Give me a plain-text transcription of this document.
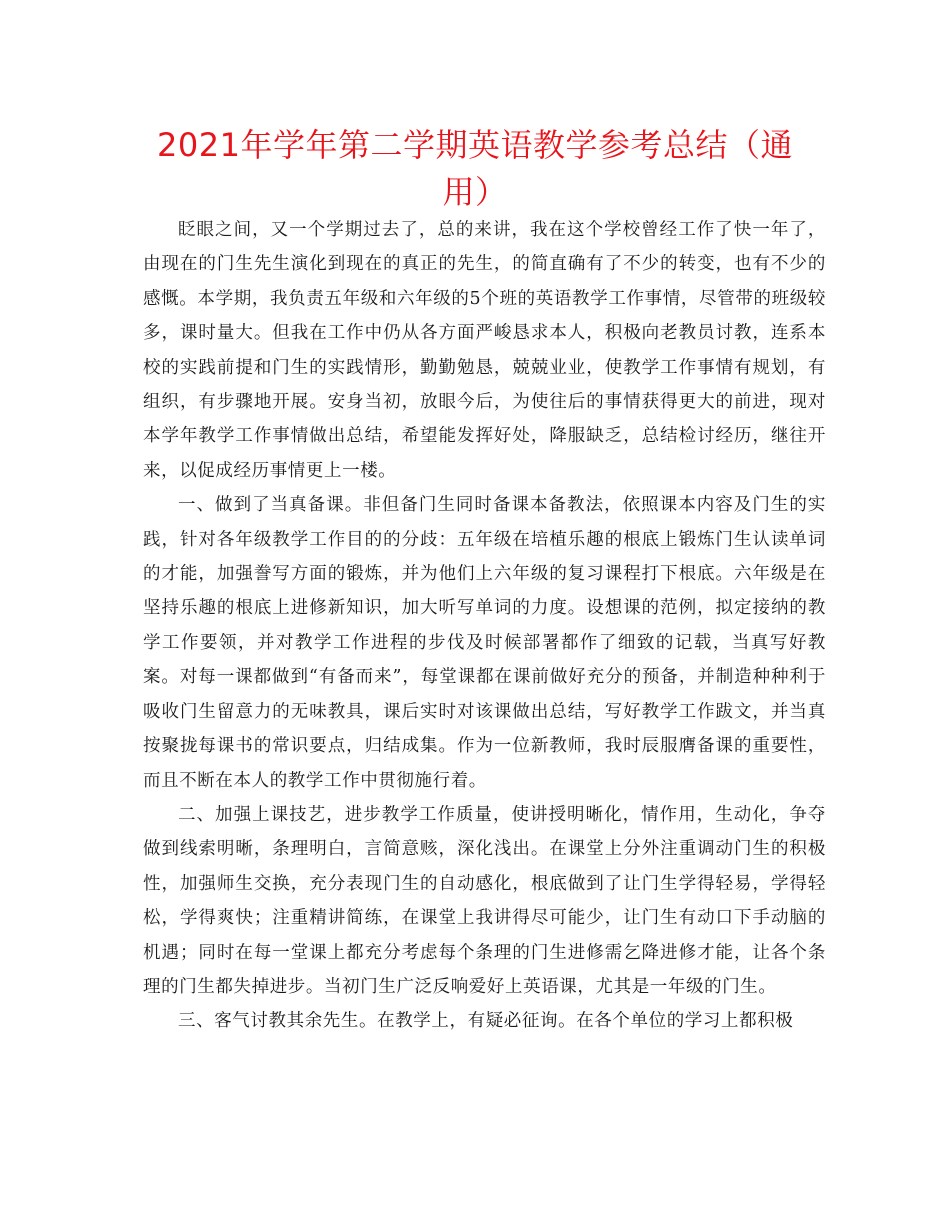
2021年学年第二学期英语教学参考总结（通用）

眨眼之间，又一个学期过去了，总的来讲，我在这个学校曾经工作了快一年了，由现在的门生先生演化到现在的真正的先生，的简直确有了不少的转变，也有不少的感慨。本学期，我负责五年级和六年级的5个班的英语教学工作事情，尽管带的班级较多，课时量大。但我在工作中仍从各方面严峻恳求本人，积极向老教员讨教，连系本校的实践前提和门生的实践情形，勤勤勉恳，兢兢业业，使教学工作事情有规划，有组织，有步骤地开展。安身当初，放眼今后，为使往后的事情获得更大的前进，现对本学年教学工作事情做出总结，希望能发挥好处，降服缺乏，总结检讨经历，继往开来，以促成经历事情更上一楼。

一、做到了当真备课。非但备门生同时备课本备教法，依照课本内容及门生的实践，针对各年级教学工作目的的分歧：五年级在培植乐趣的根底上锻炼门生认读单词的才能，加强誊写方面的锻炼，并为他们上六年级的复习课程打下根底。六年级是在坚持乐趣的根底上进修新知识，加大听写单词的力度。设想课的范例，拟定接纳的教学工作要领，并对教学工作进程的步伐及时候部署都作了细致的记载，当真写好教案。对每一课都做到“有备而来”，每堂课都在课前做好充分的预备，并制造种种利于吸收门生留意力的无味教具，课后实时对该课做出总结，写好教学工作跋文，并当真按聚拢每课书的常识要点，归结成集。作为一位新教师，我时辰服膺备课的重要性，而且不断在本人的教学工作中贯彻施行着。

二、加强上课技艺，进步教学工作质量，使讲授明晰化，情作用，生动化，争夺做到线索明晰，条理明白，言简意赅，深化浅出。在课堂上分外注重调动门生的积极性，加强师生交换，充分表现门生的自动感化，根底做到了让门生学得轻易，学得轻松，学得爽快；注重精讲简练，在课堂上我讲得尽可能少，让门生有动口下手动脑的机遇；同时在每一堂课上都充分考虑每个条理的门生进修需乞降进修才能，让各个条理的门生都失掉进步。当初门生广泛反响爱好上英语课，尤其是一年级的门生。

三、客气讨教其余先生。在教学上，有疑必征询。在各个单位的学习上都积极
